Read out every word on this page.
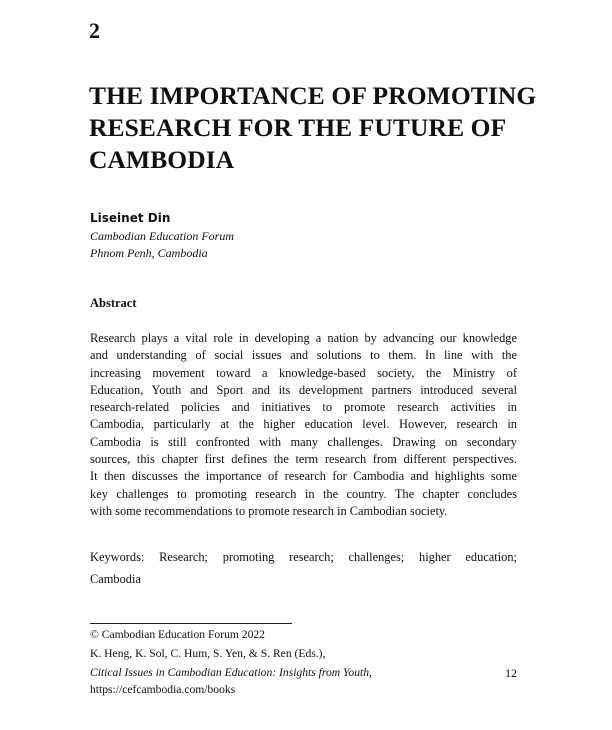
2
THE IMPORTANCE OF PROMOTING
RESEARCH FOR THE FUTURE OF
CAMBODIA
Liseinet Din
Cambodian Education Forum
Phnom Penh, Cambodia
Abstract
Research plays a vital role in developing a nation by advancing our knowledge
and understanding of social issues and solutions to them. In line with the
increasing movement toward a knowledge-based society, the Ministry of
Education, Youth and Sport and its development partners introduced several
research-related policies and initiatives to promote research activities in
Cambodia, particularly at the higher education level. However, research in
Cambodia is still confronted with many challenges. Drawing on secondary
sources, this chapter first defines the term research from different perspectives.
It then discusses the importance of research for Cambodia and highlights some
key challenges to promoting research in the country. The chapter concludes
with some recommendations to promote research in Cambodian society.
Keywords: Research; promoting research; challenges; higher education;
Cambodia
© Cambodian Education Forum 2022
K. Heng, K. Sol, C. Hum, S. Yen, & S. Ren (Eds.),
Citical Issues in Cambodian Education: Insights from Youth,
https://cefcambodia.com/books
12
